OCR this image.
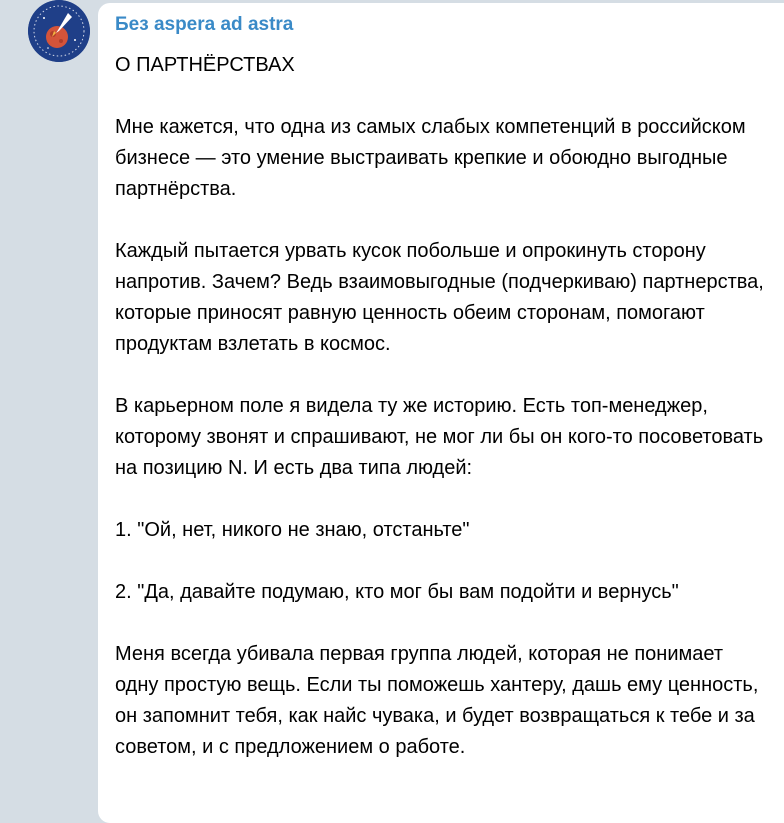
Без aspera ad astra

О ПАРТНЁРСТВАХ

Мне кажется, что одна из самых слабых компетенций в российском бизнесе — это умение выстраивать крепкие и обоюдно выгодные партнёрства.

Каждый пытается урвать кусок побольше и опрокинуть сторону напротив. Зачем? Ведь взаимовыгодные (подчеркиваю) партнерства, которые приносят равную ценность обеим сторонам, помогают продуктам взлетать в космос.

В карьерном поле я видела ту же историю. Есть топ-менеджер, которому звонят и спрашивают, не мог ли бы он кого-то посоветовать на позицию N. И есть два типа людей:

1. "Ой, нет, никого не знаю, отстаньте"

2. "Да, давайте подумаю, кто мог бы вам подойти и вернусь"

Меня всегда убивала первая группа людей, которая не понимает одну простую вещь. Если ты поможешь хантеру, дашь ему ценность, он запомнит тебя, как найс чувака, и будет возвращаться к тебе и за советом, и с предложением о работе.
